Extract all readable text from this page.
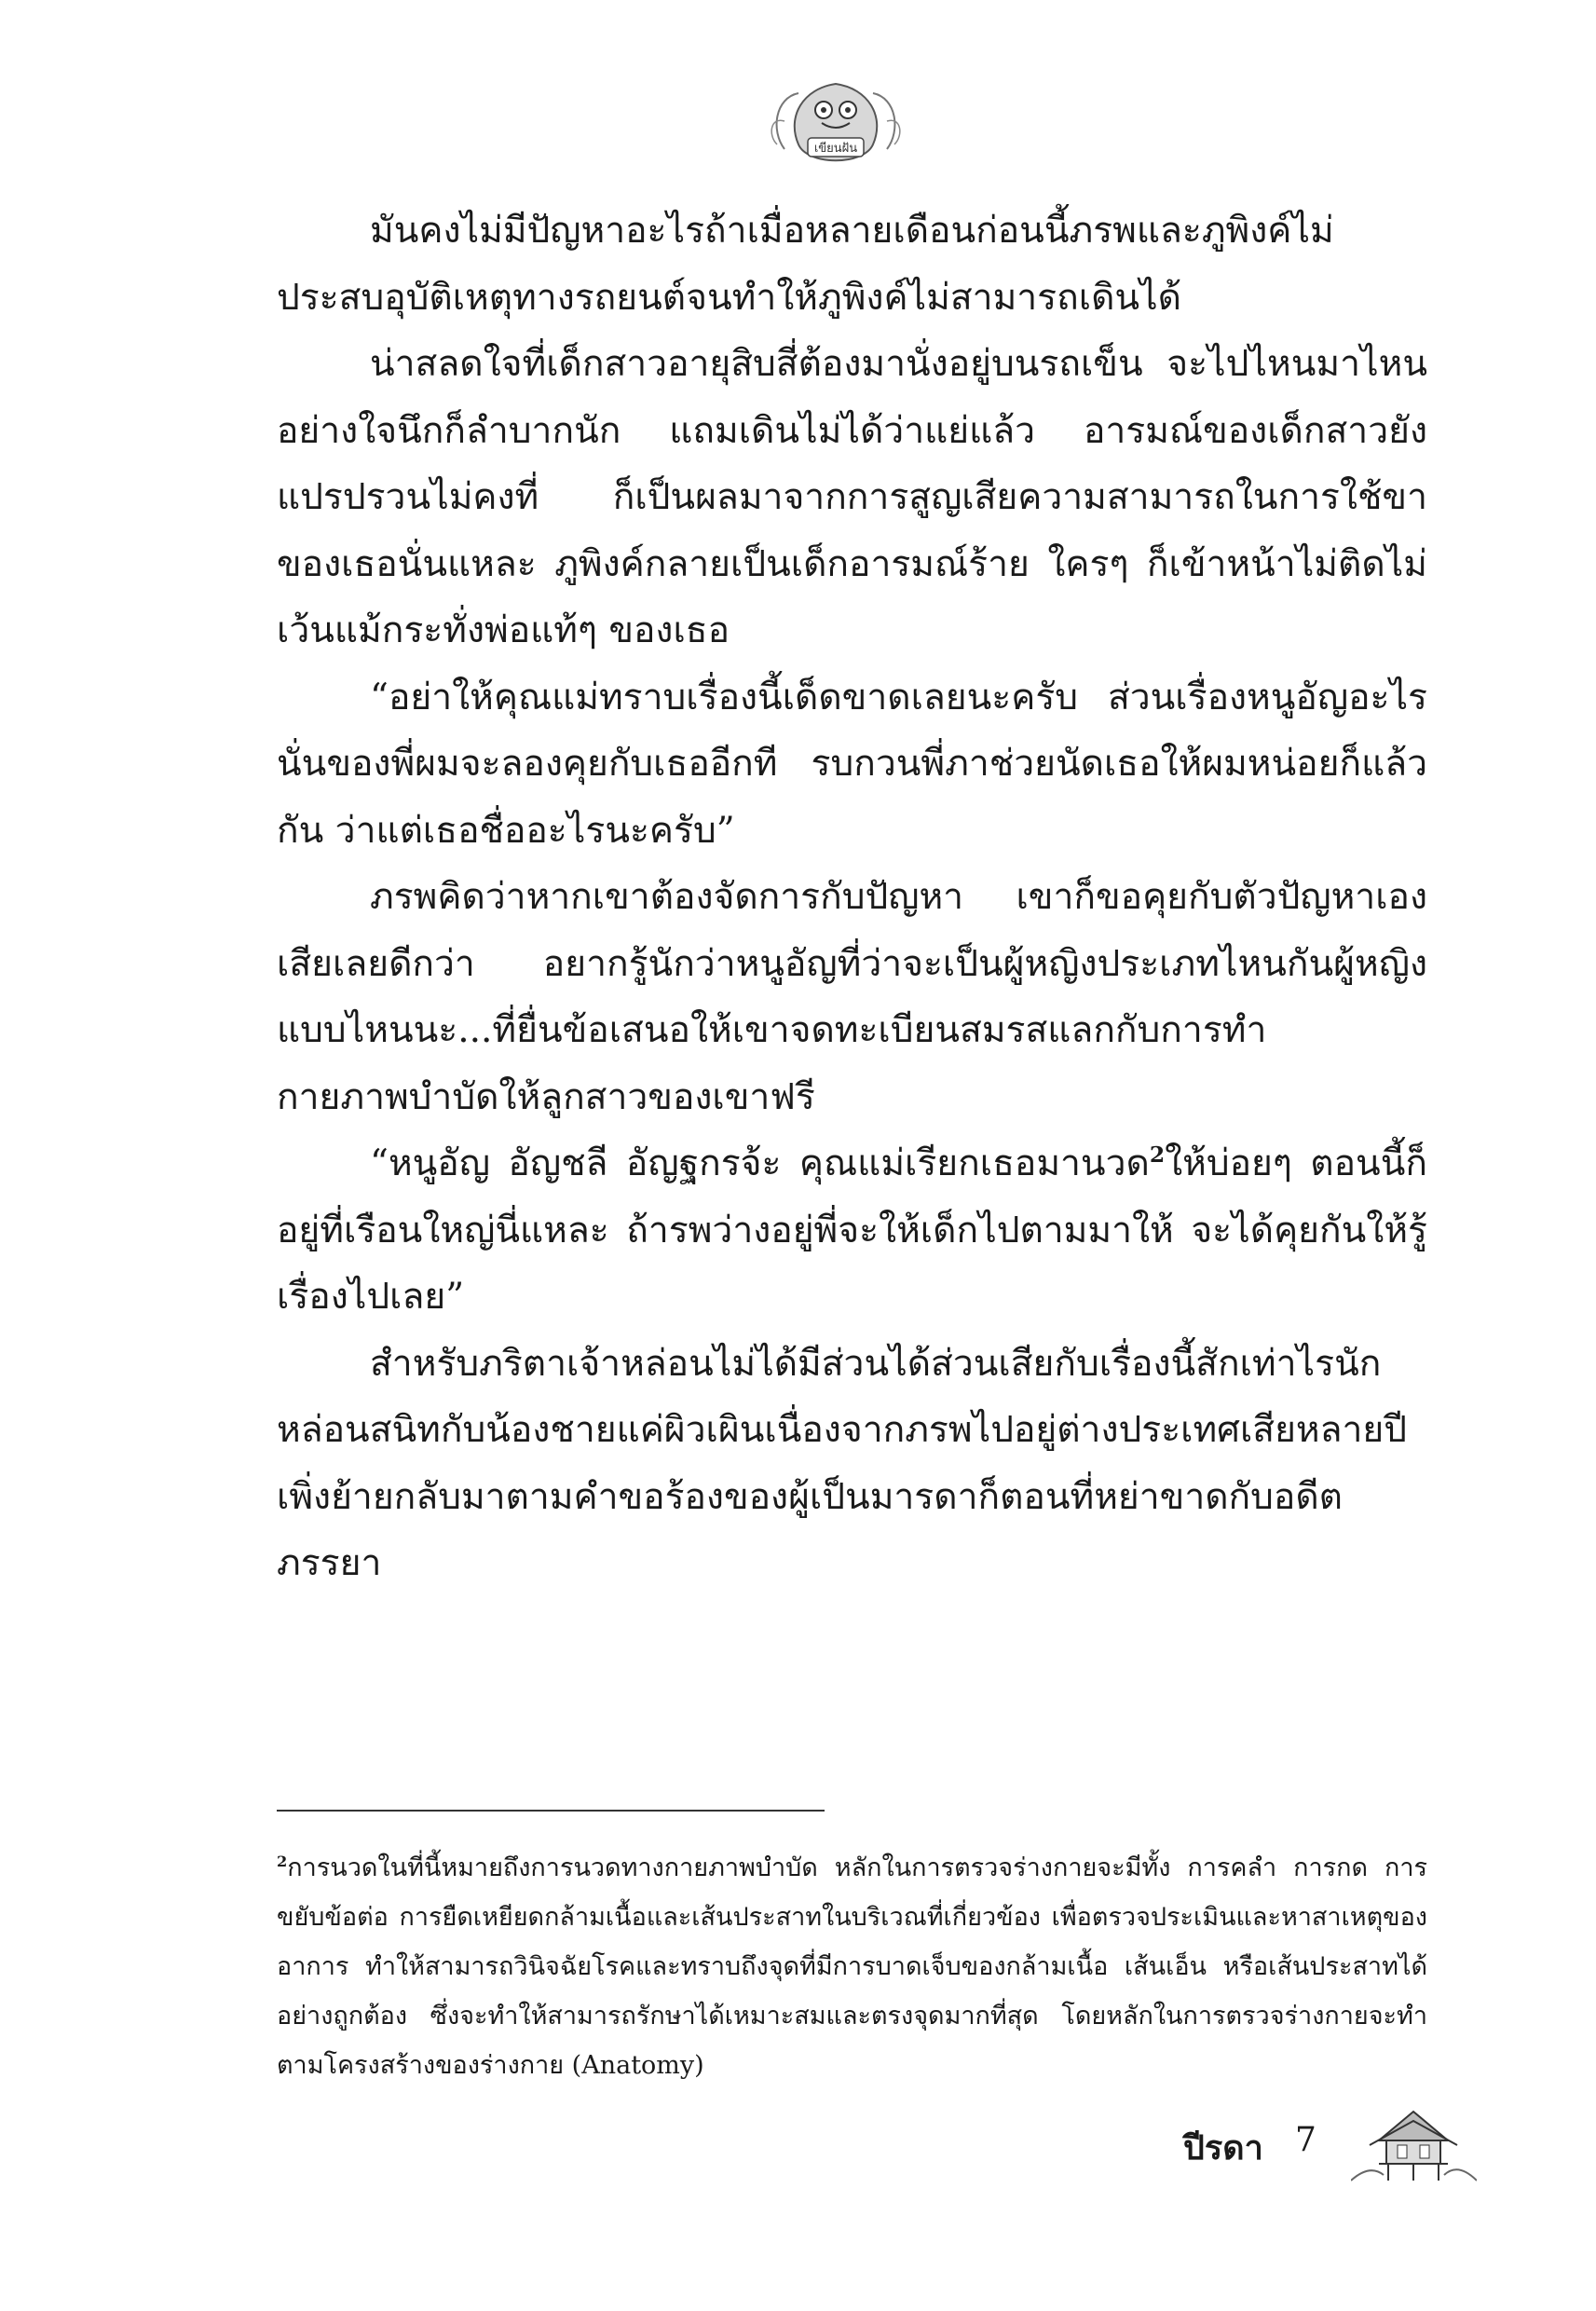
เขียนฝัน

มันคงไม่มีปัญหาอะไรถ้าเมื่อหลายเดือนก่อนนี้ภรพและภูพิงค์ไม่ประสบอุบัติเหตุทางรถยนต์จนทำให้ภูพิงค์ไม่สามารถเดินได้

น่าสลดใจที่เด็กสาวอายุสิบสี่ต้องมานั่งอยู่บนรถเข็น จะไปไหนมาไหนอย่างใจนึกก็ลำบากนัก แถมเดินไม่ได้ว่าแย่แล้ว อารมณ์ของเด็กสาวยังแปรปรวนไม่คงที่ ก็เป็นผลมาจากการสูญเสียความสามารถในการใช้ขาของเธอนั่นแหละ ภูพิงค์กลายเป็นเด็กอารมณ์ร้าย ใครๆ ก็เข้าหน้าไม่ติดไม่เว้นแม้กระทั่งพ่อแท้ๆ ของเธอ

“อย่าให้คุณแม่ทราบเรื่องนี้เด็ดขาดเลยนะครับ ส่วนเรื่องหนูอัญอะไรนั่นของพี่ผมจะลองคุยกับเธออีกที รบกวนพี่ภาช่วยนัดเธอให้ผมหน่อยก็แล้วกัน ว่าแต่เธอชื่ออะไรนะครับ”

ภรพคิดว่าหากเขาต้องจัดการกับปัญหา เขาก็ขอคุยกับตัวปัญหาเองเสียเลยดีกว่า อยากรู้นักว่าหนูอัญที่ว่าจะเป็นผู้หญิงประเภทไหนกันผู้หญิงแบบไหนนะ...ที่ยื่นข้อเสนอให้เขาจดทะเบียนสมรสแลกกับการทำกายภาพบำบัดให้ลูกสาวของเขาฟรี

“หนูอัญ อัญชลี อัญฐกรจ้ะ คุณแม่เรียกเธอมานวด$^2$ให้บ่อยๆ ตอนนี้ก็อยู่ที่เรือนใหญ่นี่แหละ ถ้ารพว่างอยู่พี่จะให้เด็กไปตามมาให้ จะได้คุยกันให้รู้เรื่องไปเลย”

สำหรับภริตาเจ้าหล่อนไม่ได้มีส่วนได้ส่วนเสียกับเรื่องนี้สักเท่าไรนักหล่อนสนิทกับน้องชายแค่ผิวเผินเนื่องจากภรพไปอยู่ต่างประเทศเสียหลายปี เพิ่งย้ายกลับมาตามคำขอร้องของผู้เป็นมารดาก็ตอนที่หย่าขาดกับอดีตภรรยา

$^2$การนวดในที่นี้หมายถึงการนวดทางกายภาพบำบัด หลักในการตรวจร่างกายจะมีทั้ง การคลำ การกด การขยับข้อต่อ การยืดเหยียดกล้ามเนื้อและเส้นประสาทในบริเวณที่เกี่ยวข้อง เพื่อตรวจประเมินและหาสาเหตุของอาการ ทำให้สามารถวินิจฉัยโรคและทราบถึงจุดที่มีการบาดเจ็บของกล้ามเนื้อ เส้นเอ็น หรือเส้นประสาทได้อย่างถูกต้อง ซึ่งจะทำให้สามารถรักษาได้เหมาะสมและตรงจุดมากที่สุด โดยหลักในการตรวจร่างกายจะทำตามโครงสร้างของร่างกาย (Anatomy)

ปีรดา 7
